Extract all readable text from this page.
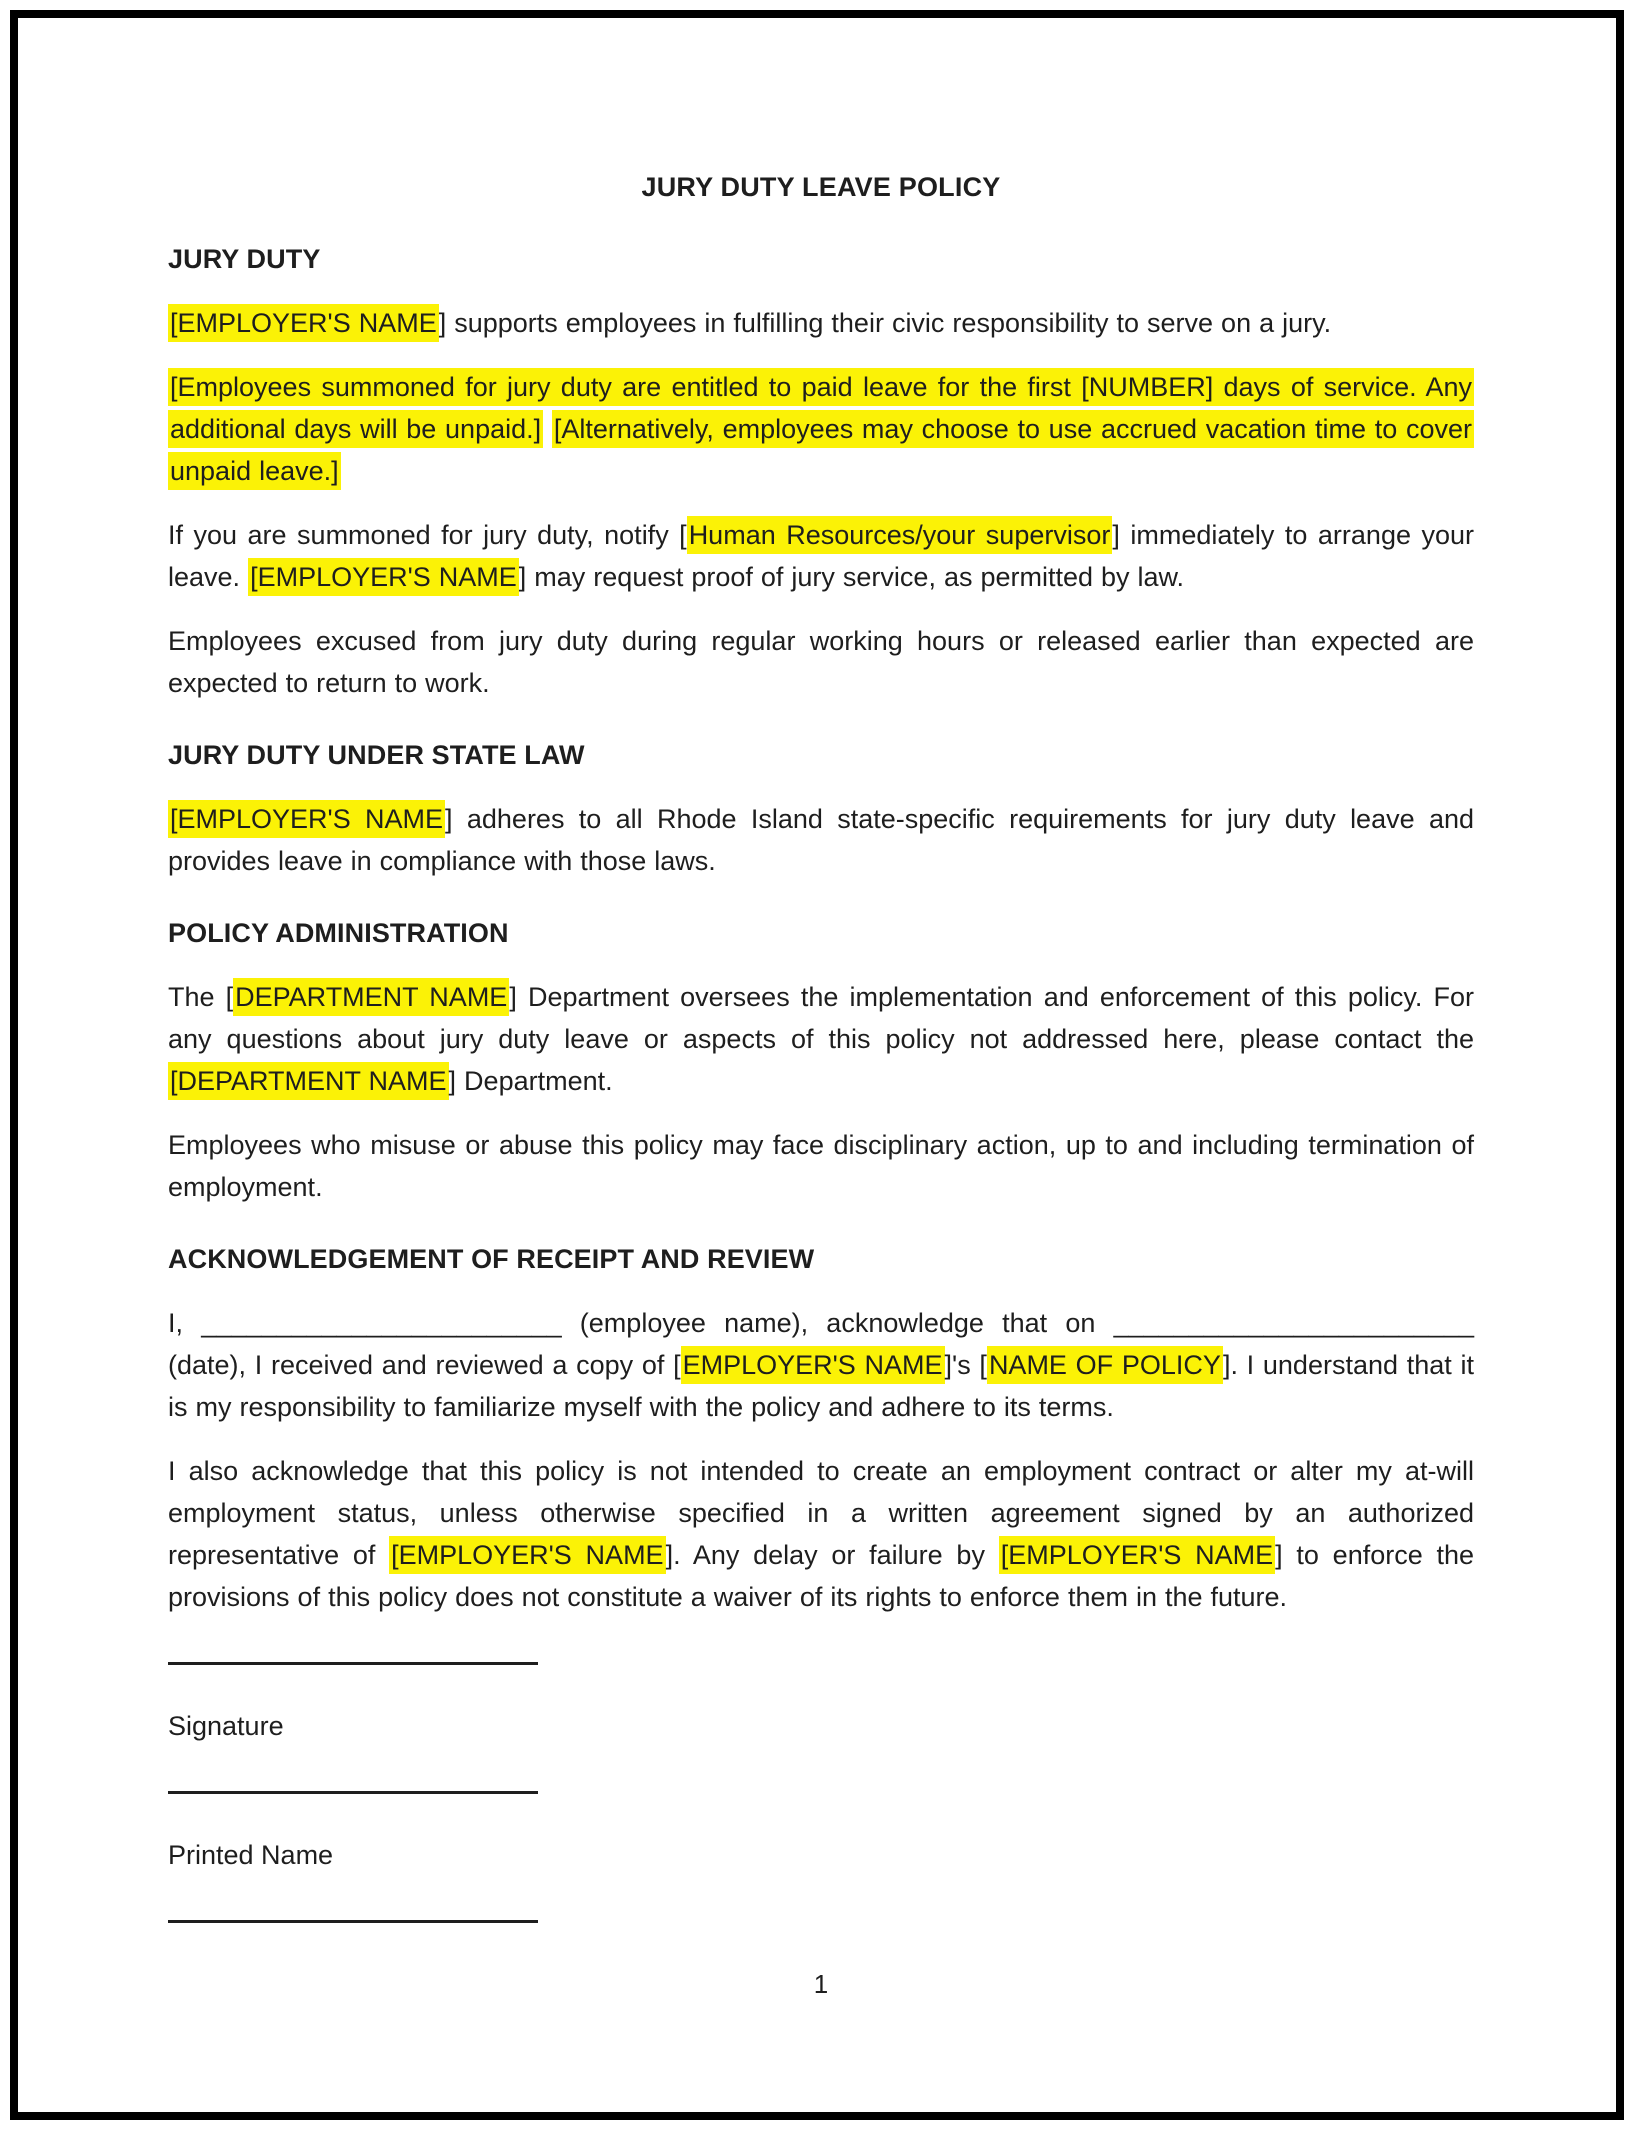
JURY DUTY LEAVE POLICY
JURY DUTY

[EMPLOYER'S NAME] supports employees in fulfilling their civic responsibility to serve on a jury.

[Employees summoned for jury duty are entitled to paid leave for the first [NUMBER] days of service. Any additional days will be unpaid.] [Alternatively, employees may choose to use accrued vacation time to cover unpaid leave.]

If you are summoned for jury duty, notify [Human Resources/your supervisor] immediately to arrange your leave. [EMPLOYER'S NAME] may request proof of jury service, as permitted by law.

Employees excused from jury duty during regular working hours or released earlier than expected are expected to return to work.

JURY DUTY UNDER STATE LAW

[EMPLOYER'S NAME] adheres to all Rhode Island state-specific requirements for jury duty leave and provides leave in compliance with those laws.

POLICY ADMINISTRATION

The [DEPARTMENT NAME] Department oversees the implementation and enforcement of this policy. For any questions about jury duty leave or aspects of this policy not addressed here, please contact the [DEPARTMENT NAME] Department.

Employees who misuse or abuse this policy may face disciplinary action, up to and including termination of employment.

ACKNOWLEDGEMENT OF RECEIPT AND REVIEW

I, ________________________ (employee name), acknowledge that on ________________________ (date), I received and reviewed a copy of [EMPLOYER'S NAME]'s [NAME OF POLICY]. I understand that it is my responsibility to familiarize myself with the policy and adhere to its terms.

I also acknowledge that this policy is not intended to create an employment contract or alter my at-will employment status, unless otherwise specified in a written agreement signed by an authorized representative of [EMPLOYER'S NAME]. Any delay or failure by [EMPLOYER'S NAME] to enforce the provisions of this policy does not constitute a waiver of its rights to enforce them in the future.

Signature
Printed Name
1
